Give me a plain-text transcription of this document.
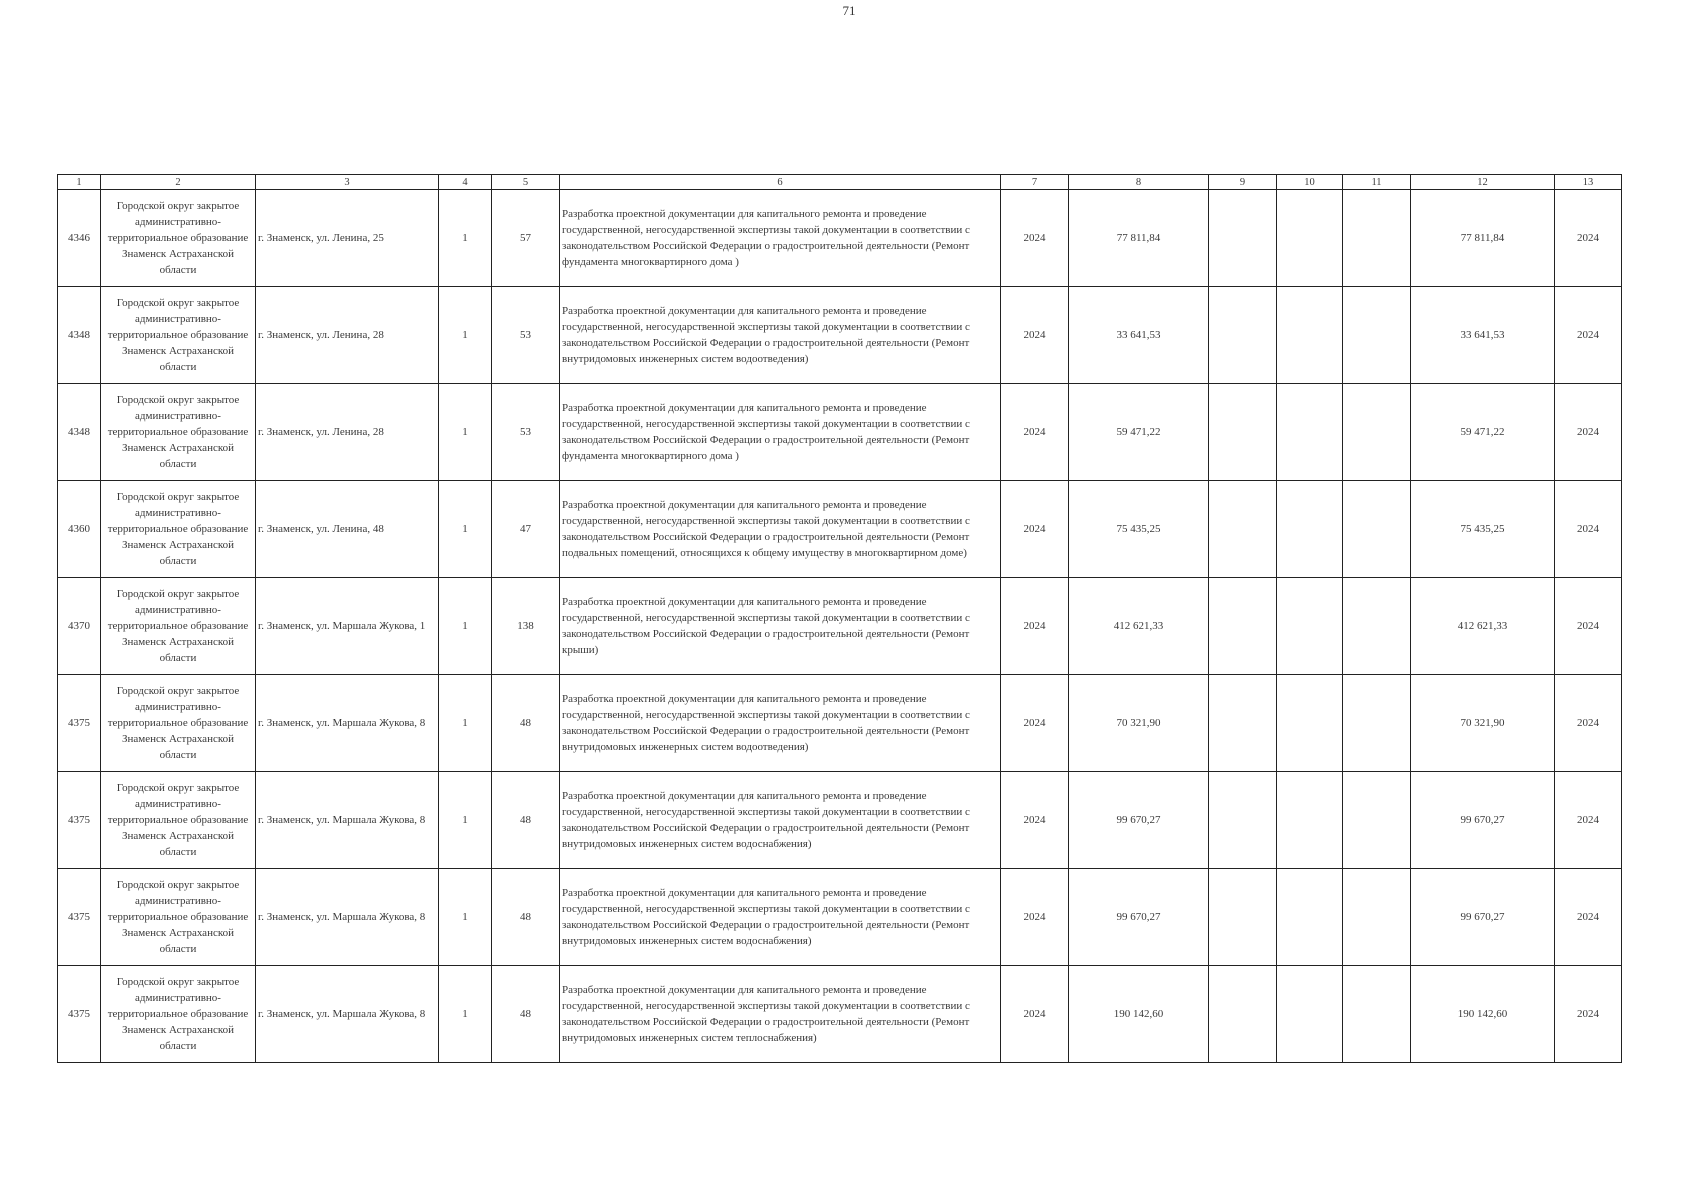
71
1	2	3	4	5	6	7	8	9	10	11	12	13
4346	Городской округ закрытое административно-территориальное образование Знаменск Астраханской области	г. Знаменск, ул. Ленина, 25	1	57	Разработка проектной документации для капитального ремонта и проведение государственной, негосударственной экспертизы такой документации в соответствии с законодательством Российской Федерации о градостроительной деятельности (Ремонт фундамента многоквартирного дома )	2024	77 811,84				77 811,84	2024
4348	Городской округ закрытое административно-территориальное образование Знаменск Астраханской области	г. Знаменск, ул. Ленина, 28	1	53	Разработка проектной документации для капитального ремонта и проведение государственной, негосударственной экспертизы такой документации в соответствии с законодательством Российской Федерации о градостроительной деятельности (Ремонт внутридомовых инженерных систем водоотведения)	2024	33 641,53				33 641,53	2024
4348	Городской округ закрытое административно-территориальное образование Знаменск Астраханской области	г. Знаменск, ул. Ленина, 28	1	53	Разработка проектной документации для капитального ремонта и проведение государственной, негосударственной экспертизы такой документации в соответствии с законодательством Российской Федерации о градостроительной деятельности (Ремонт фундамента многоквартирного дома )	2024	59 471,22				59 471,22	2024
4360	Городской округ закрытое административно-территориальное образование Знаменск Астраханской области	г. Знаменск, ул. Ленина, 48	1	47	Разработка проектной документации для капитального ремонта и проведение государственной, негосударственной экспертизы такой документации в соответствии с законодательством Российской Федерации о градостроительной деятельности (Ремонт подвальных помещений, относящихся к общему имуществу в многоквартирном доме)	2024	75 435,25				75 435,25	2024
4370	Городской округ закрытое административно-территориальное образование Знаменск Астраханской области	г. Знаменск, ул. Маршала Жукова, 1	1	138	Разработка проектной документации для капитального ремонта и проведение государственной, негосударственной экспертизы такой документации в соответствии с законодательством Российской Федерации о градостроительной деятельности (Ремонт крыши)	2024	412 621,33				412 621,33	2024
4375	Городской округ закрытое административно-территориальное образование Знаменск Астраханской области	г. Знаменск, ул. Маршала Жукова, 8	1	48	Разработка проектной документации для капитального ремонта и проведение государственной, негосударственной экспертизы такой документации в соответствии с законодательством Российской Федерации о градостроительной деятельности (Ремонт внутридомовых инженерных систем водоотведения)	2024	70 321,90				70 321,90	2024
4375	Городской округ закрытое административно-территориальное образование Знаменск Астраханской области	г. Знаменск, ул. Маршала Жукова, 8	1	48	Разработка проектной документации для капитального ремонта и проведение государственной, негосударственной экспертизы такой документации в соответствии с законодательством Российской Федерации о градостроительной деятельности (Ремонт внутридомовых инженерных систем водоснабжения)	2024	99 670,27				99 670,27	2024
4375	Городской округ закрытое административно-территориальное образование Знаменск Астраханской области	г. Знаменск, ул. Маршала Жукова, 8	1	48	Разработка проектной документации для капитального ремонта и проведение государственной, негосударственной экспертизы такой документации в соответствии с законодательством Российской Федерации о градостроительной деятельности (Ремонт внутридомовых инженерных систем водоснабжения)	2024	99 670,27				99 670,27	2024
4375	Городской округ закрытое административно-территориальное образование Знаменск Астраханской области	г. Знаменск, ул. Маршала Жукова, 8	1	48	Разработка проектной документации для капитального ремонта и проведение государственной, негосударственной экспертизы такой документации в соответствии с законодательством Российской Федерации о градостроительной деятельности (Ремонт внутридомовых инженерных систем теплоснабжения)	2024	190 142,60				190 142,60	2024
